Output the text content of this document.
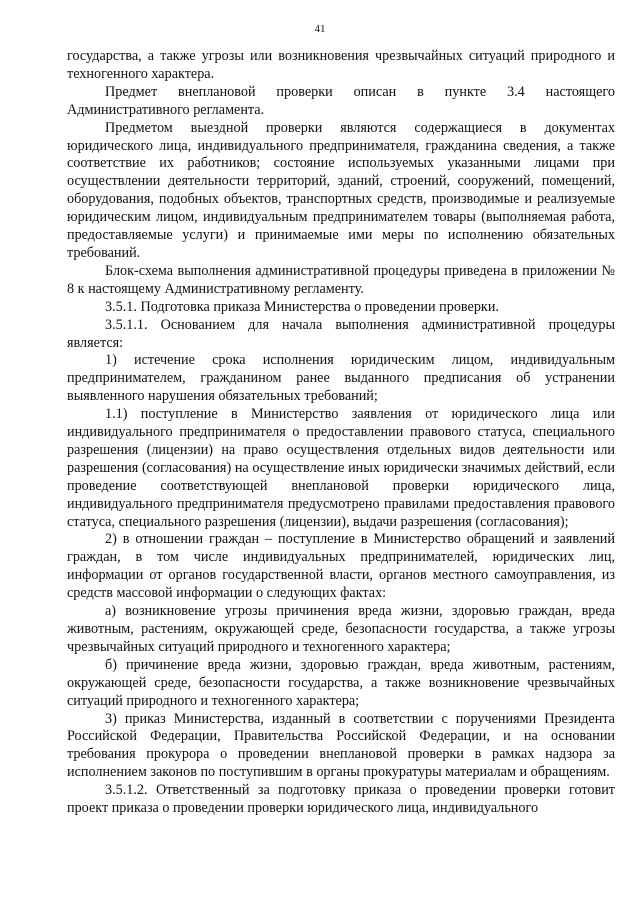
41

государства, а также угрозы или возникновения чрезвычайных ситуаций природного и техногенного характера.

Предмет внеплановой проверки описан в пункте 3.4 настоящего Административного регламента.

Предметом выездной проверки являются содержащиеся в документах юридического лица, индивидуального предпринимателя, гражданина сведения, а также соответствие их работников; состояние используемых указанными лицами при осуществлении деятельности территорий, зданий, строений, сооружений, помещений, оборудования, подобных объектов, транспортных средств, производимые и реализуемые юридическим лицом, индивидуальным предпринимателем товары (выполняемая работа, предоставляемые услуги) и принимаемые ими меры по исполнению обязательных требований.

Блок-схема выполнения административной процедуры приведена в приложении № 8 к настоящему Административному регламенту.

3.5.1. Подготовка приказа Министерства о проведении проверки.

3.5.1.1. Основанием для начала выполнения административной процедуры является:

1) истечение срока исполнения юридическим лицом, индивидуальным предпринимателем, гражданином ранее выданного предписания об устранении выявленного нарушения обязательных требований;

1.1) поступление в Министерство заявления от юридического лица или индивидуального предпринимателя о предоставлении правового статуса, специального разрешения (лицензии) на право осуществления отдельных видов деятельности или разрешения (согласования) на осуществление иных юридически значимых действий, если проведение соответствующей внеплановой проверки юридического лица, индивидуального предпринимателя предусмотрено правилами предоставления правового статуса, специального разрешения (лицензии), выдачи разрешения (согласования);

2) в отношении граждан – поступление в Министерство обращений и заявлений граждан, в том числе индивидуальных предпринимателей, юридических лиц, информации от органов государственной власти, органов местного самоуправления, из средств массовой информации о следующих фактах:

а) возникновение угрозы причинения вреда жизни, здоровью граждан, вреда животным, растениям, окружающей среде, безопасности государства, а также угрозы чрезвычайных ситуаций природного и техногенного характера;

б) причинение вреда жизни, здоровью граждан, вреда животным, растениям, окружающей среде, безопасности государства, а также возникновение чрезвычайных ситуаций природного и техногенного характера;

3) приказ Министерства, изданный в соответствии с поручениями Президента Российской Федерации, Правительства Российской Федерации, и на основании требования прокурора о проведении внеплановой проверки в рамках надзора за исполнением законов по поступившим в органы прокуратуры материалам и обращениям.

3.5.1.2. Ответственный за подготовку приказа о проведении проверки готовит проект приказа о проведении проверки юридического лица, индивидуального
